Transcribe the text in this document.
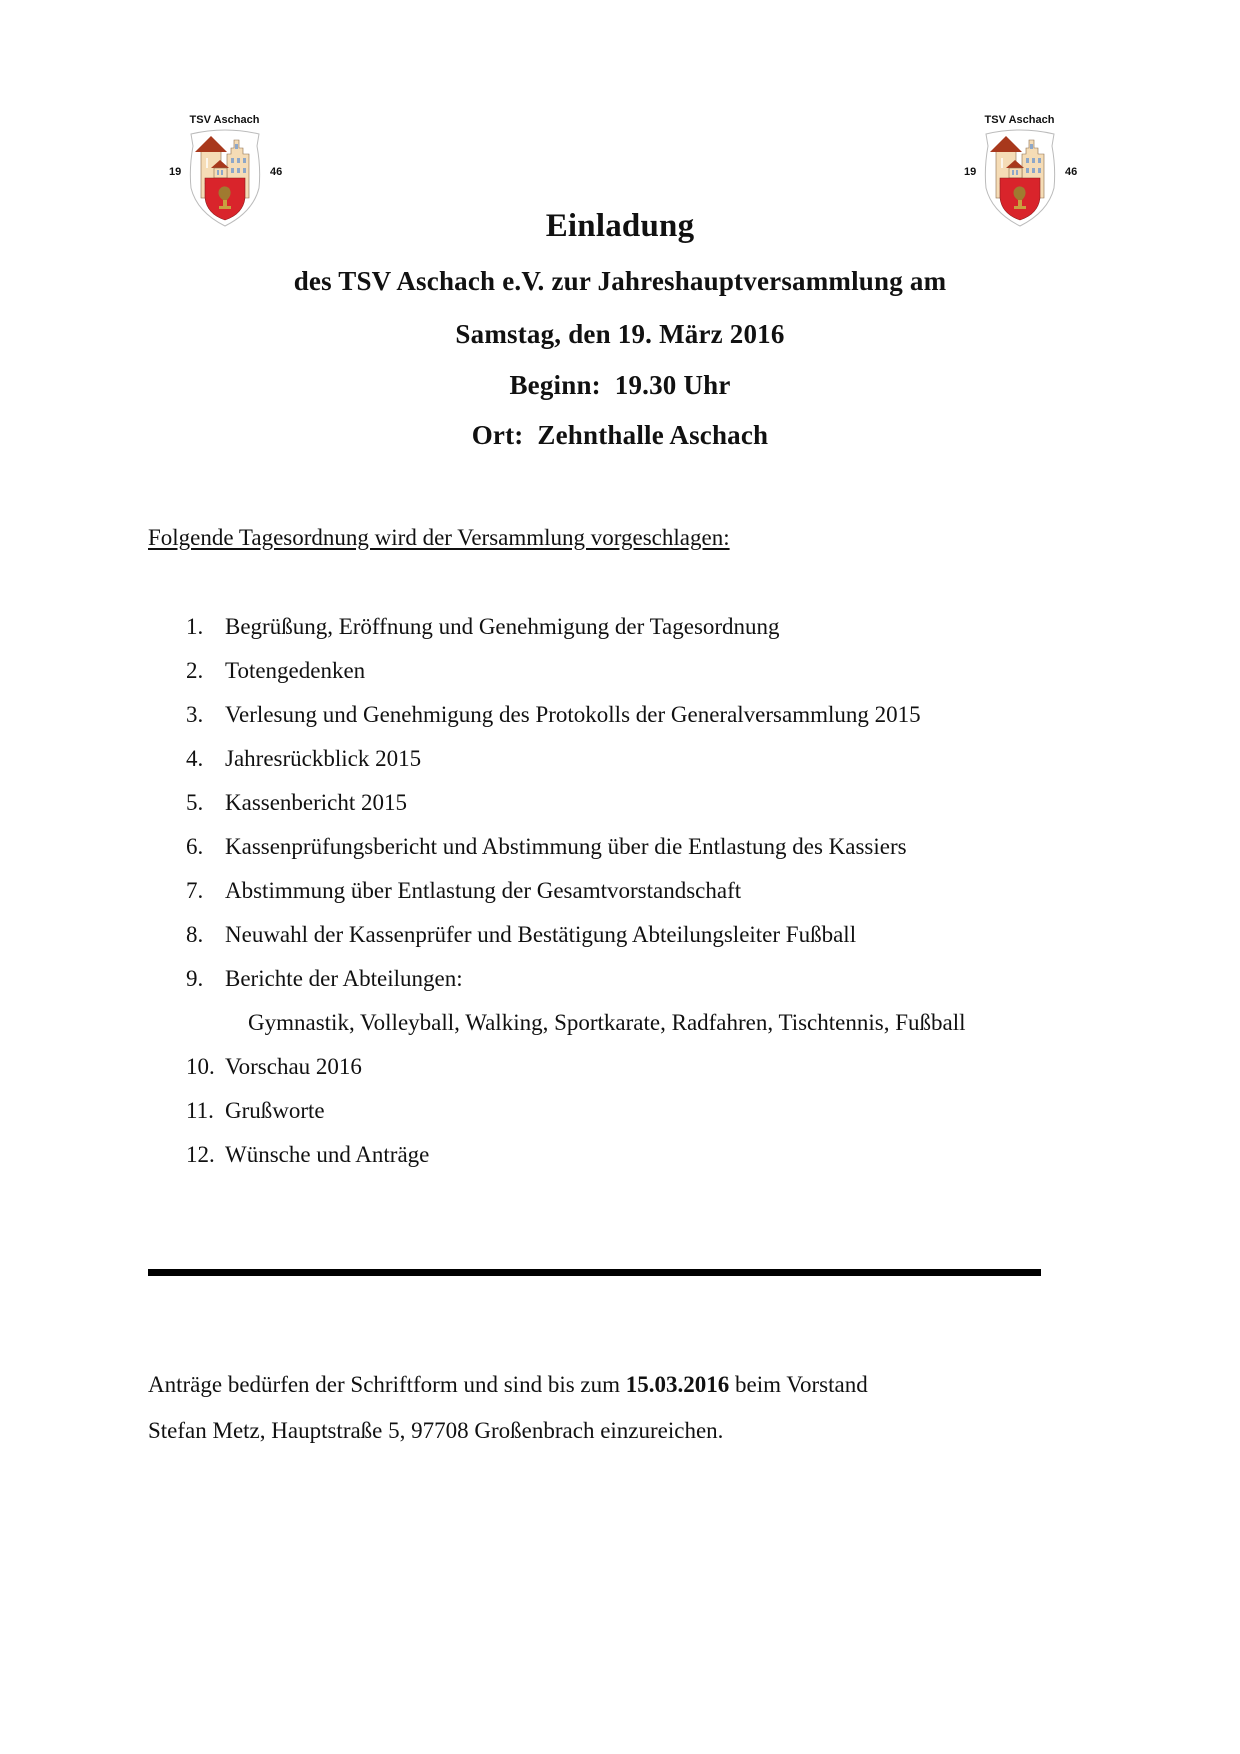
TSV Aschach
19	46
TSV Aschach
19	46
Einladung
des TSV Aschach e.V. zur Jahreshauptversammlung am
Samstag, den 19. März 2016
Beginn:  19.30 Uhr
Ort:  Zehnthalle Aschach
Folgende Tagesordnung wird der Versammlung vorgeschlagen:
1. Begrüßung, Eröffnung und Genehmigung der Tagesordnung
2. Totengedenken
3. Verlesung und Genehmigung des Protokolls der Generalversammlung 2015
4. Jahresrückblick 2015
5. Kassenbericht 2015
6. Kassenprüfungsbericht und Abstimmung über die Entlastung des Kassiers
7. Abstimmung über Entlastung der Gesamtvorstandschaft
8. Neuwahl der Kassenprüfer und Bestätigung Abteilungsleiter Fußball
9. Berichte der Abteilungen:
Gymnastik, Volleyball, Walking, Sportkarate, Radfahren, Tischtennis, Fußball
10. Vorschau 2016
11. Grußworte
12. Wünsche und Anträge
Anträge bedürfen der Schriftform und sind bis zum 15.03.2016 beim Vorstand
Stefan Metz, Hauptstraße 5, 97708 Großenbrach einzureichen.
